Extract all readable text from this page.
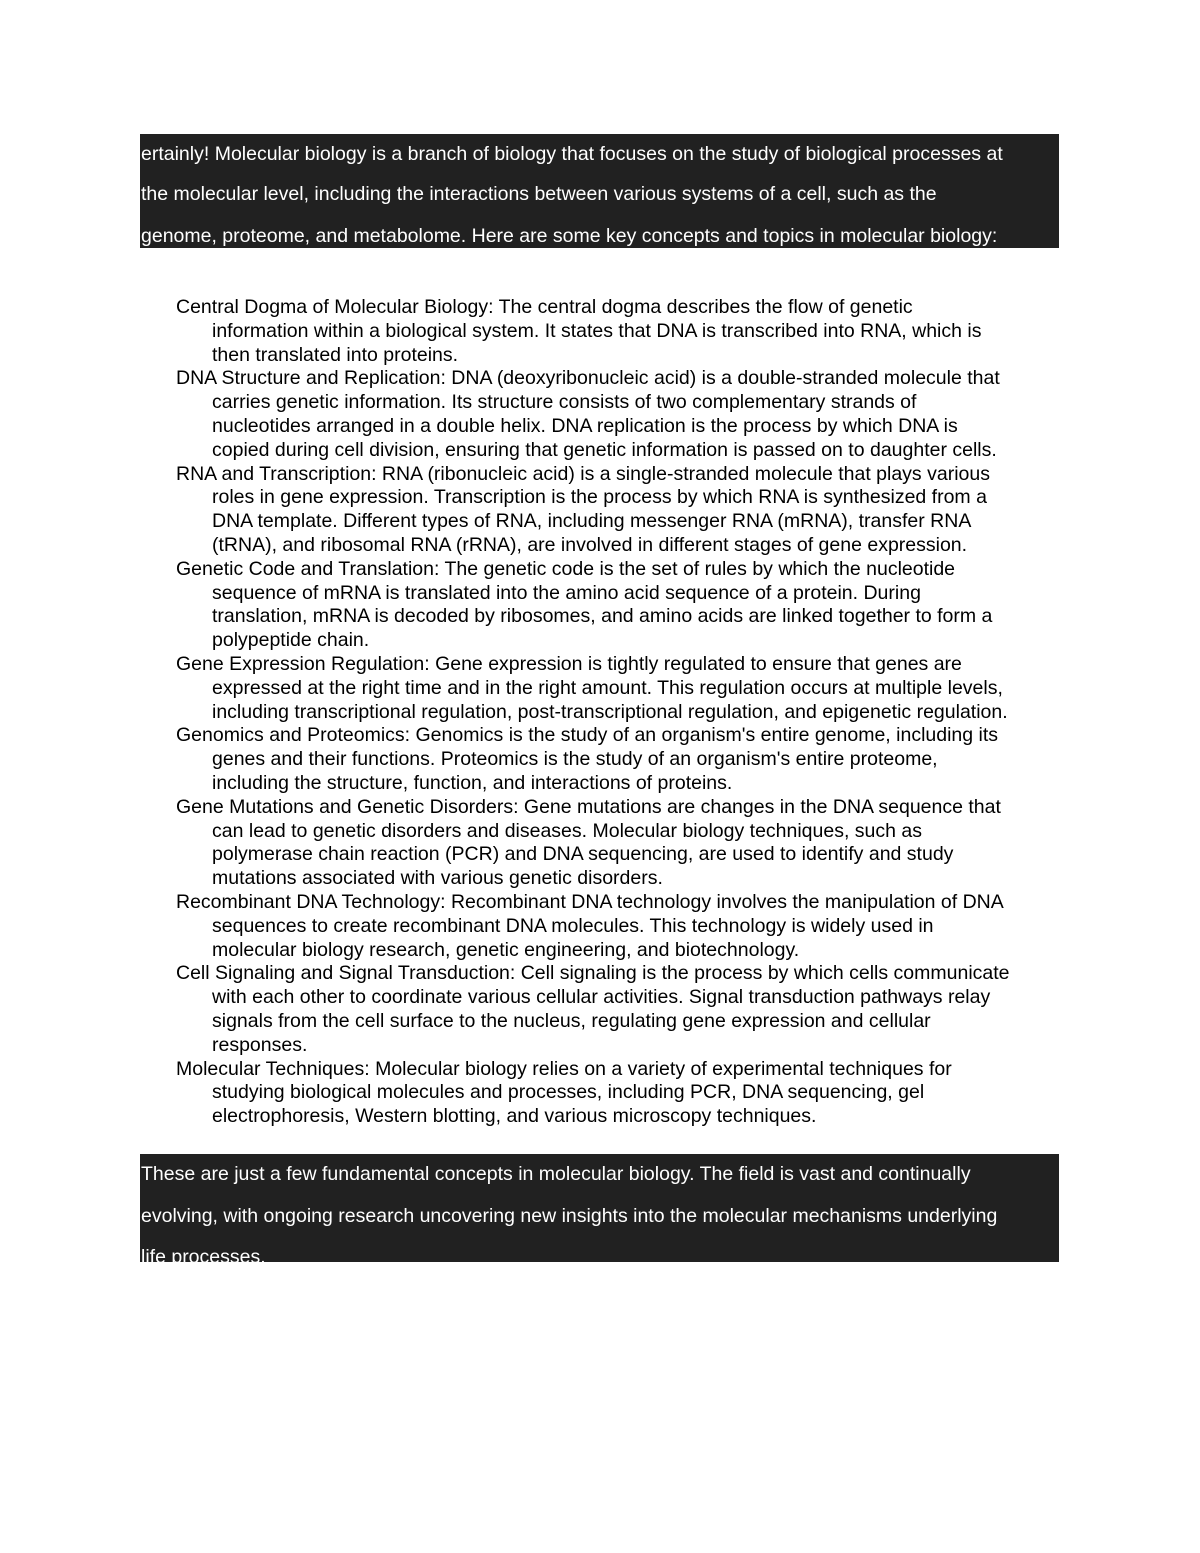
ertainly! Molecular biology is a branch of biology that focuses on the study of biological processes at
the molecular level, including the interactions between various systems of a cell, such as the
genome, proteome, and metabolome. Here are some key concepts and topics in molecular biology:
Central Dogma of Molecular Biology: The central dogma describes the flow of genetic
information within a biological system. It states that DNA is transcribed into RNA, which is
then translated into proteins.
DNA Structure and Replication: DNA (deoxyribonucleic acid) is a double-stranded molecule that
carries genetic information. Its structure consists of two complementary strands of
nucleotides arranged in a double helix. DNA replication is the process by which DNA is
copied during cell division, ensuring that genetic information is passed on to daughter cells.
RNA and Transcription: RNA (ribonucleic acid) is a single-stranded molecule that plays various
roles in gene expression. Transcription is the process by which RNA is synthesized from a
DNA template. Different types of RNA, including messenger RNA (mRNA), transfer RNA
(tRNA), and ribosomal RNA (rRNA), are involved in different stages of gene expression.
Genetic Code and Translation: The genetic code is the set of rules by which the nucleotide
sequence of mRNA is translated into the amino acid sequence of a protein. During
translation, mRNA is decoded by ribosomes, and amino acids are linked together to form a
polypeptide chain.
Gene Expression Regulation: Gene expression is tightly regulated to ensure that genes are
expressed at the right time and in the right amount. This regulation occurs at multiple levels,
including transcriptional regulation, post-transcriptional regulation, and epigenetic regulation.
Genomics and Proteomics: Genomics is the study of an organism's entire genome, including its
genes and their functions. Proteomics is the study of an organism's entire proteome,
including the structure, function, and interactions of proteins.
Gene Mutations and Genetic Disorders: Gene mutations are changes in the DNA sequence that
can lead to genetic disorders and diseases. Molecular biology techniques, such as
polymerase chain reaction (PCR) and DNA sequencing, are used to identify and study
mutations associated with various genetic disorders.
Recombinant DNA Technology: Recombinant DNA technology involves the manipulation of DNA
sequences to create recombinant DNA molecules. This technology is widely used in
molecular biology research, genetic engineering, and biotechnology.
Cell Signaling and Signal Transduction: Cell signaling is the process by which cells communicate
with each other to coordinate various cellular activities. Signal transduction pathways relay
signals from the cell surface to the nucleus, regulating gene expression and cellular
responses.
Molecular Techniques: Molecular biology relies on a variety of experimental techniques for
studying biological molecules and processes, including PCR, DNA sequencing, gel
electrophoresis, Western blotting, and various microscopy techniques.
These are just a few fundamental concepts in molecular biology. The field is vast and continually
evolving, with ongoing research uncovering new insights into the molecular mechanisms underlying
life processes.
